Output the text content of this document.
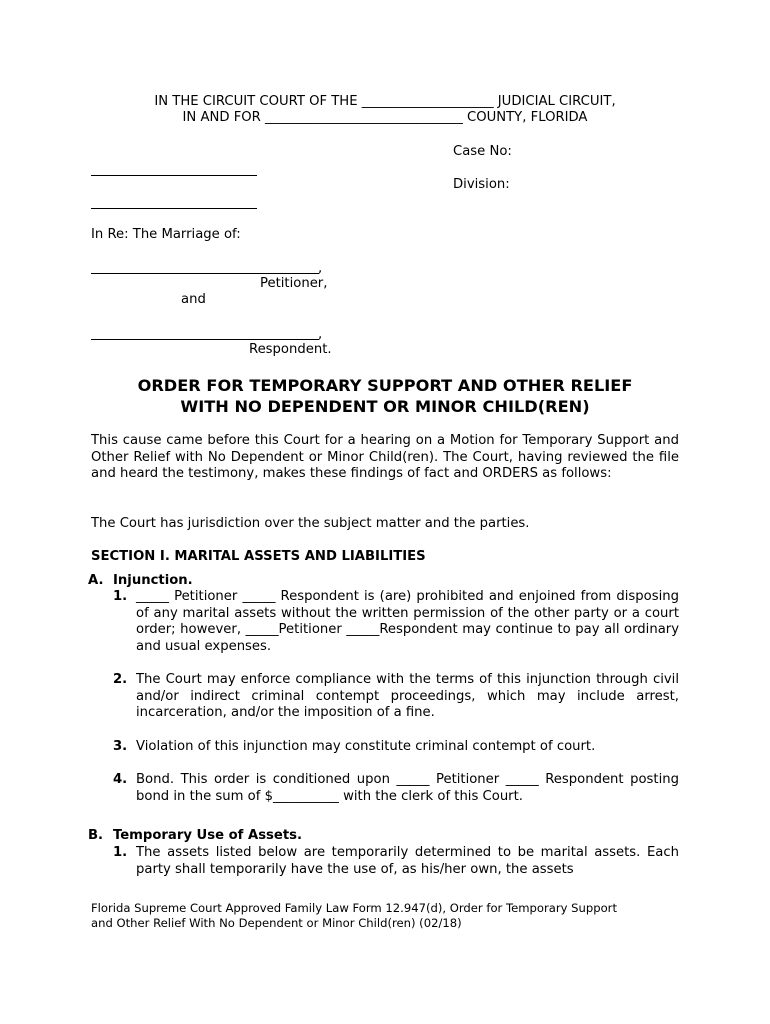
IN THE CIRCUIT COURT OF THE ____________________ JUDICIAL CIRCUIT,

IN AND FOR ______________________________ COUNTY, FLORIDA

Case No:

Division:

In Re: The Marriage of:

,

Petitioner,

and

,

Respondent.

ORDER FOR TEMPORARY SUPPORT AND OTHER RELIEF

WITH NO DEPENDENT OR MINOR CHILD(REN)

This cause came before this Court for a hearing on a Motion for Temporary Support and Other Relief with No Dependent or Minor Child(ren). The Court, having reviewed the file and heard the testimony, makes these findings of fact and ORDERS as follows:

The Court has jurisdiction over the subject matter and the parties.

SECTION I. MARITAL ASSETS AND LIABILITIES

A. Injunction.

1. _____ Petitioner _____ Respondent is (are) prohibited and enjoined from disposing of any marital assets without the written permission of the other party or a court order; however, _____Petitioner _____Respondent may continue to pay all ordinary and usual expenses.

2. The Court may enforce compliance with the terms of this injunction through civil and/or indirect criminal contempt proceedings, which may include arrest, incarceration, and/or the imposition of a fine.

3. Violation of this injunction may constitute criminal contempt of court.

4. Bond. This order is conditioned upon _____ Petitioner _____ Respondent posting bond in the sum of $__________ with the clerk of this Court.

B. Temporary Use of Assets.

1. The assets listed below are temporarily determined to be marital assets. Each party shall temporarily have the use of, as his/her own, the assets

Florida Supreme Court Approved Family Law Form 12.947(d), Order for Temporary Support

and Other Relief With No Dependent or Minor Child(ren) (02/18)
